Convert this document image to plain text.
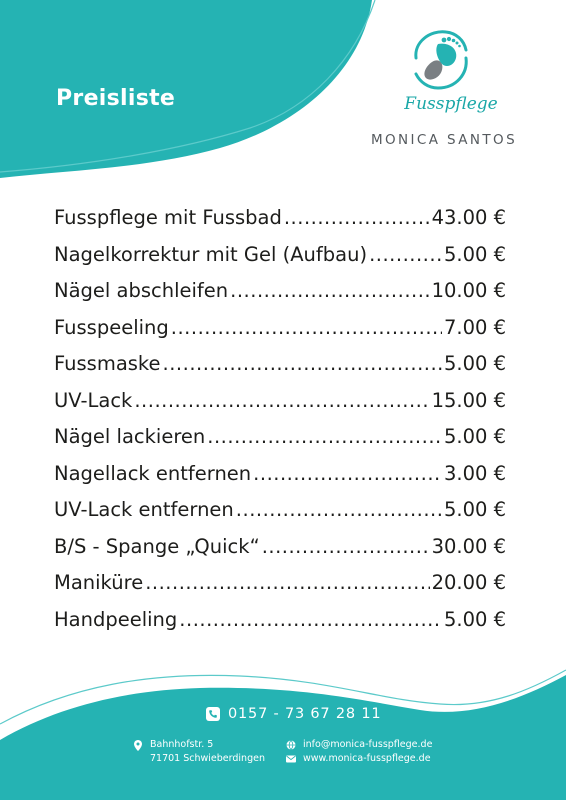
Preisliste	Fusspflege
MONICA SANTOS
Fusspflege mit Fussbad .....	43.00 €
Nagelkorrektur mit Gel (Aufbau) .....	5.00 €
Nägel abschleifen .....	10.00 €
Fusspeeling .....	7.00 €
Fussmaske .....	5.00 €
UV-Lack .....	15.00 €
Nägel lackieren .....	5.00 €
Nagellack entfernen .....	3.00 €
UV-Lack entfernen .....	5.00 €
B/S - Spange „Quick“ .....	30.00 €
Maniküre .....	20.00 €
Handpeeling .....	5.00 €
0157 - 73 67 28 11
Bahnhofstr. 5
71701 Schwieberdingen
info@monica-fusspflege.de
www.monica-fusspflege.de
